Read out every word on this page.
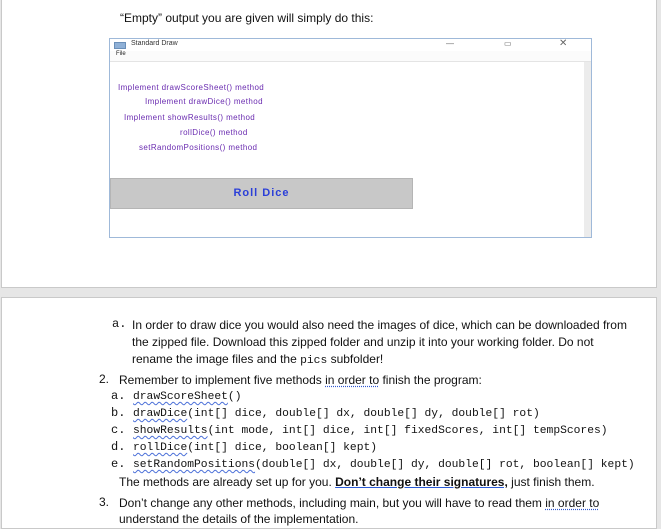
“Empty” output you are given will simply do this:
Standard Draw	—	▭	✕
File
Implement drawScoreSheet() method
Implement drawDice() method
Implement showResults() method
rollDice() method
setRandomPositions() method
Roll Dice
a. In order to draw dice you would also need the images of dice, which can be downloaded from
the zipped file. Download this zipped folder and unzip it into your working folder. Do not
rename the image files and the pics subfolder!
2. Remember to implement five methods in order to finish the program:
a. drawScoreSheet()
b. drawDice(int[] dice, double[] dx, double[] dy, double[] rot)
c. showResults(int mode, int[] dice, int[] fixedScores, int[] tempScores)
d. rollDice(int[] dice, boolean[] kept)
e. setRandomPositions(double[] dx, double[] dy, double[] rot, boolean[] kept)
The methods are already set up for you. Don’t change their signatures, just finish them.
3. Don’t change any other methods, including main, but you will have to read them in order to
understand the details of the implementation.
